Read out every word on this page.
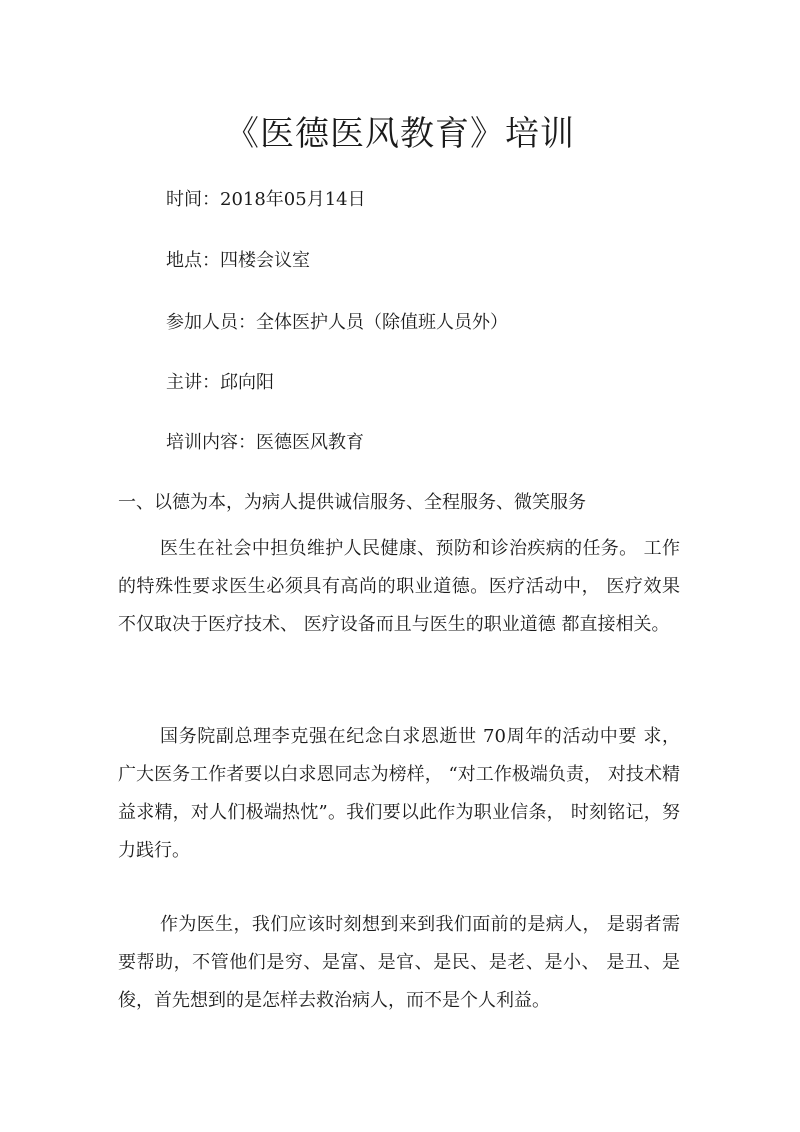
《医德医风教育》培训
时间：2018年05月14日
地点：四楼会议室
参加人员：全体医护人员（除值班人员外）
主讲：邱向阳
培训内容：医德医风教育
一、以德为本，为病人提供诚信服务、全程服务、微笑服务

医生在社会中担负维护人民健康、预防和诊治疾病的任务。 工作的特殊性要求医生必须具有高尚的职业道德。医疗活动中， 医疗效果不仅取决于医疗技术、 医疗设备而且与医生的职业道德 都直接相关。

国务院副总理李克强在纪念白求恩逝世 70周年的活动中要 求，广大医务工作者要以白求恩同志为榜样， “对工作极端负责， 对技术精益求精，对人们极端热忱”。我们要以此作为职业信条， 时刻铭记，努力践行。

作为医生，我们应该时刻想到来到我们面前的是病人， 是弱者需要帮助，不管他们是穷、是富、是官、是民、是老、是小、 是丑、是俊，首先想到的是怎样去救治病人，而不是个人利益。
